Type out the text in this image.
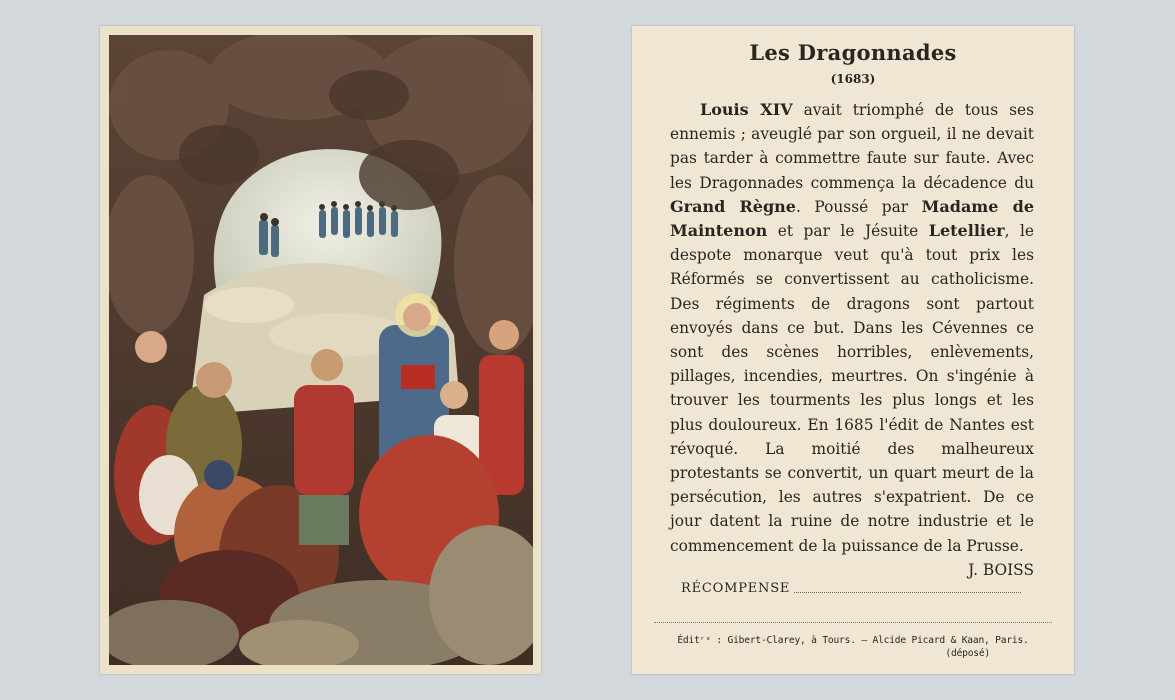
Les Dragonnades
(1683)

Louis XIV avait triomphé de tous ses ennemis ; aveuglé par son orgueil, il ne devait pas tarder à commettre faute sur faute. Avec les Dragonnades commença la décadence du Grand Règne. Poussé par Madame de Maintenon et par le Jésuite Letellier, le despote monarque veut qu'à tout prix les Réformés se convertissent au catholicisme. Des régiments de dragons sont partout envoyés dans ce but. Dans les Cévennes ce sont des scènes horribles, enlèvements, pillages, incendies, meurtres. On s'ingénie à trouver les tourments les plus longs et les plus douloureux. En 1685 l'édit de Nantes est révoqué. La moitié des malheureux protestants se convertit, un quart meurt de la persécution, les autres s'expatrient. De ce jour datent la ruine de notre industrie et le commencement de la puissance de la Prusse.
J. BOISS

RÉCOMPENSE
Éditʳˢ : Gibert-Clarey, à Tours. — Alcide Picard & Kaan, Paris.
(déposé)
